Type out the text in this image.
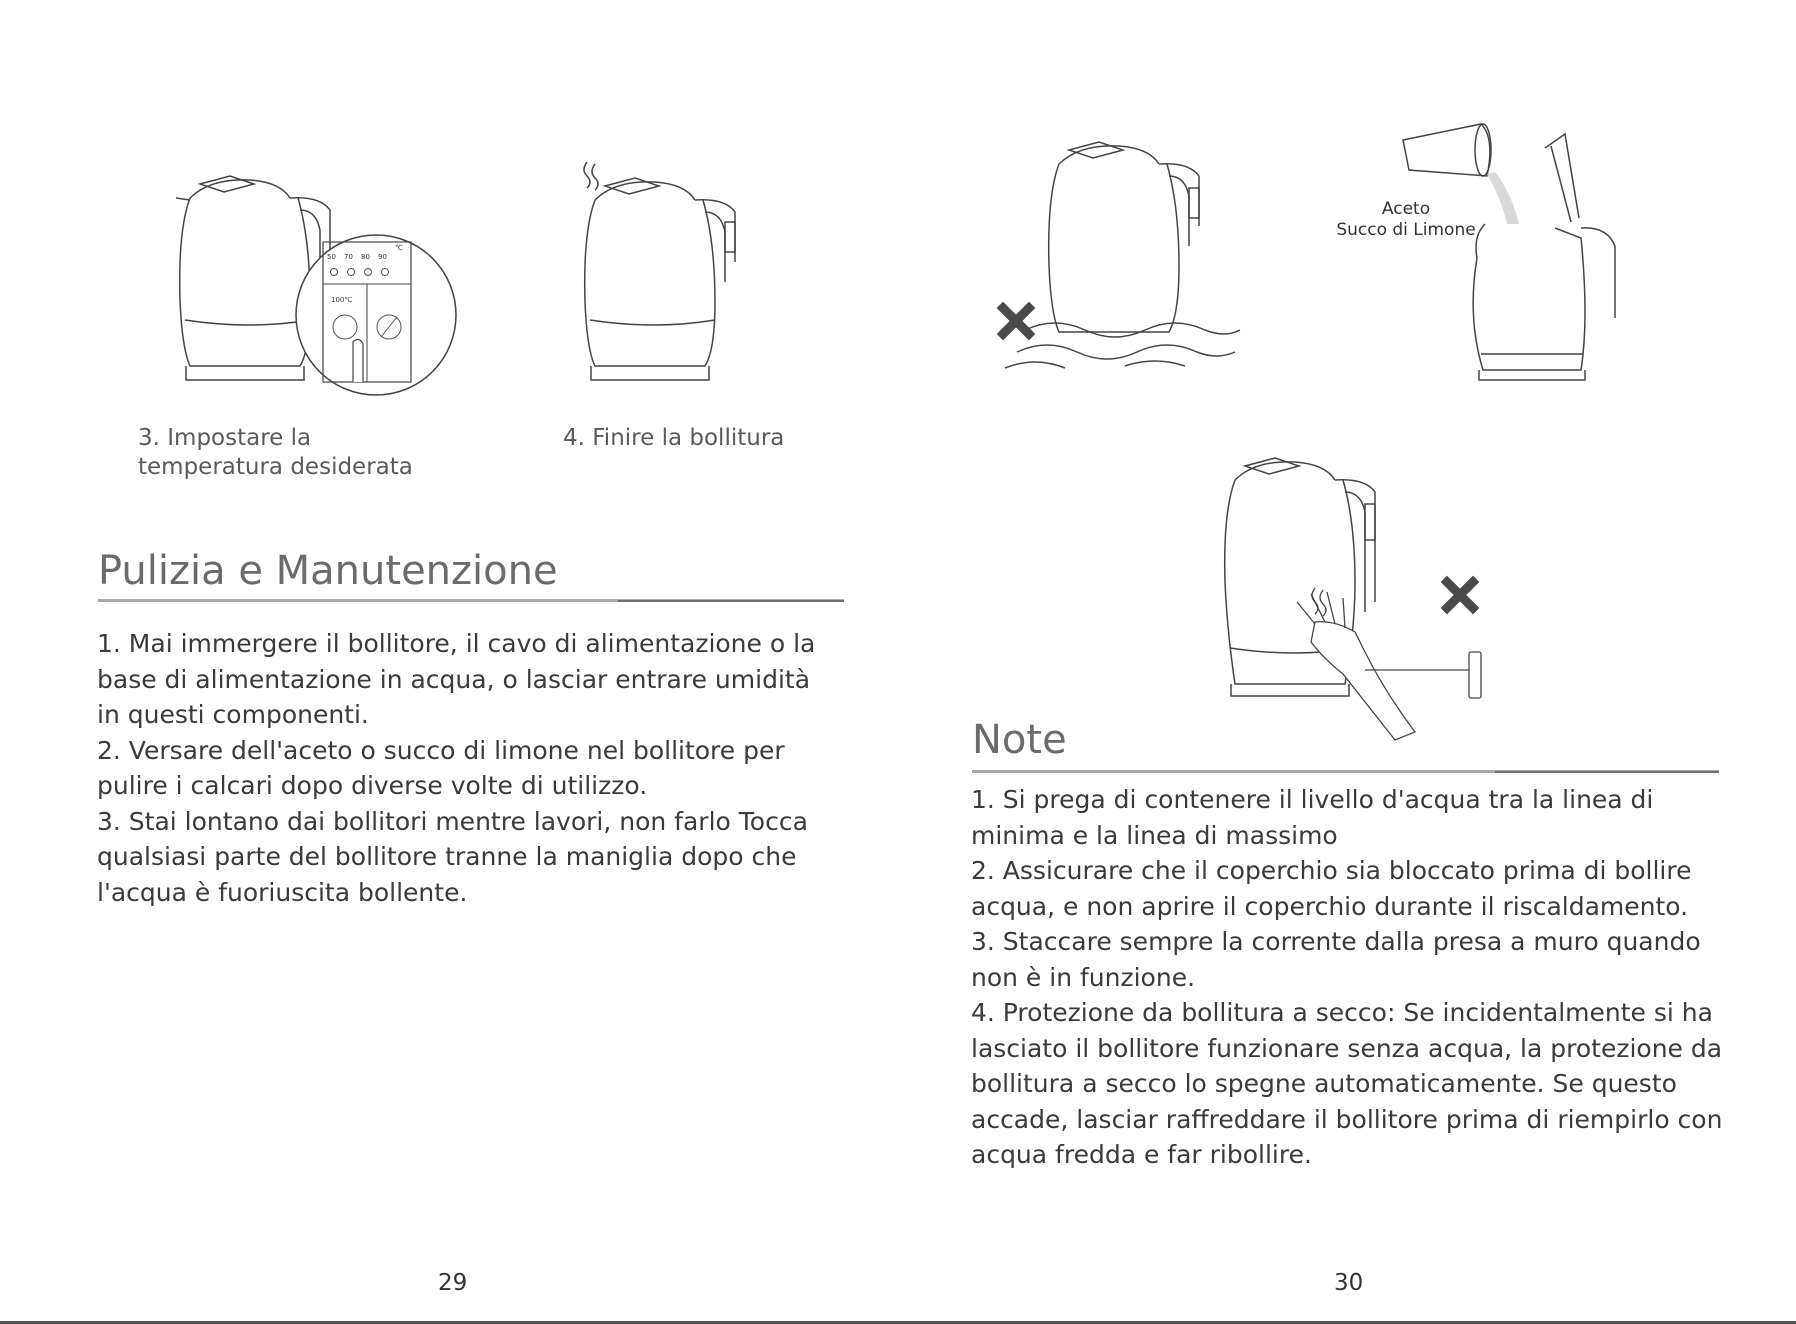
50 70 80 90
℃
100℃
3. Impostare la
temperatura desiderata
4. Finire la bollitura
Pulizia e Manutenzione

1. Mai immergere il bollitore, il cavo di alimentazione o la base di alimentazione in acqua, o lasciar entrare umidità in questi componenti.

2. Versare dell'aceto o succo di limone nel bollitore per pulire i calcari dopo diverse volte di utilizzo.

3. Stai lontano dai bollitori mentre lavori, non farlo Tocca qualsiasi parte del bollitore tranne la maniglia dopo che l'acqua è fuoriuscita bollente.

29
Aceto
Succo di Limone
Note

1. Si prega di contenere il livello d'acqua tra la linea di minima e la linea di massimo

2. Assicurare che il coperchio sia bloccato prima di bollire acqua, e non aprire il coperchio durante il riscaldamento.

3. Staccare sempre la corrente dalla presa a muro quando non è in funzione.

4. Protezione da bollitura a secco: Se incidentalmente si ha lasciato il bollitore funzionare senza acqua, la protezione da bollitura a secco lo spegne automaticamente. Se questo accade, lasciar raffreddare il bollitore prima di riempirlo con acqua fredda e far ribollire.

30
